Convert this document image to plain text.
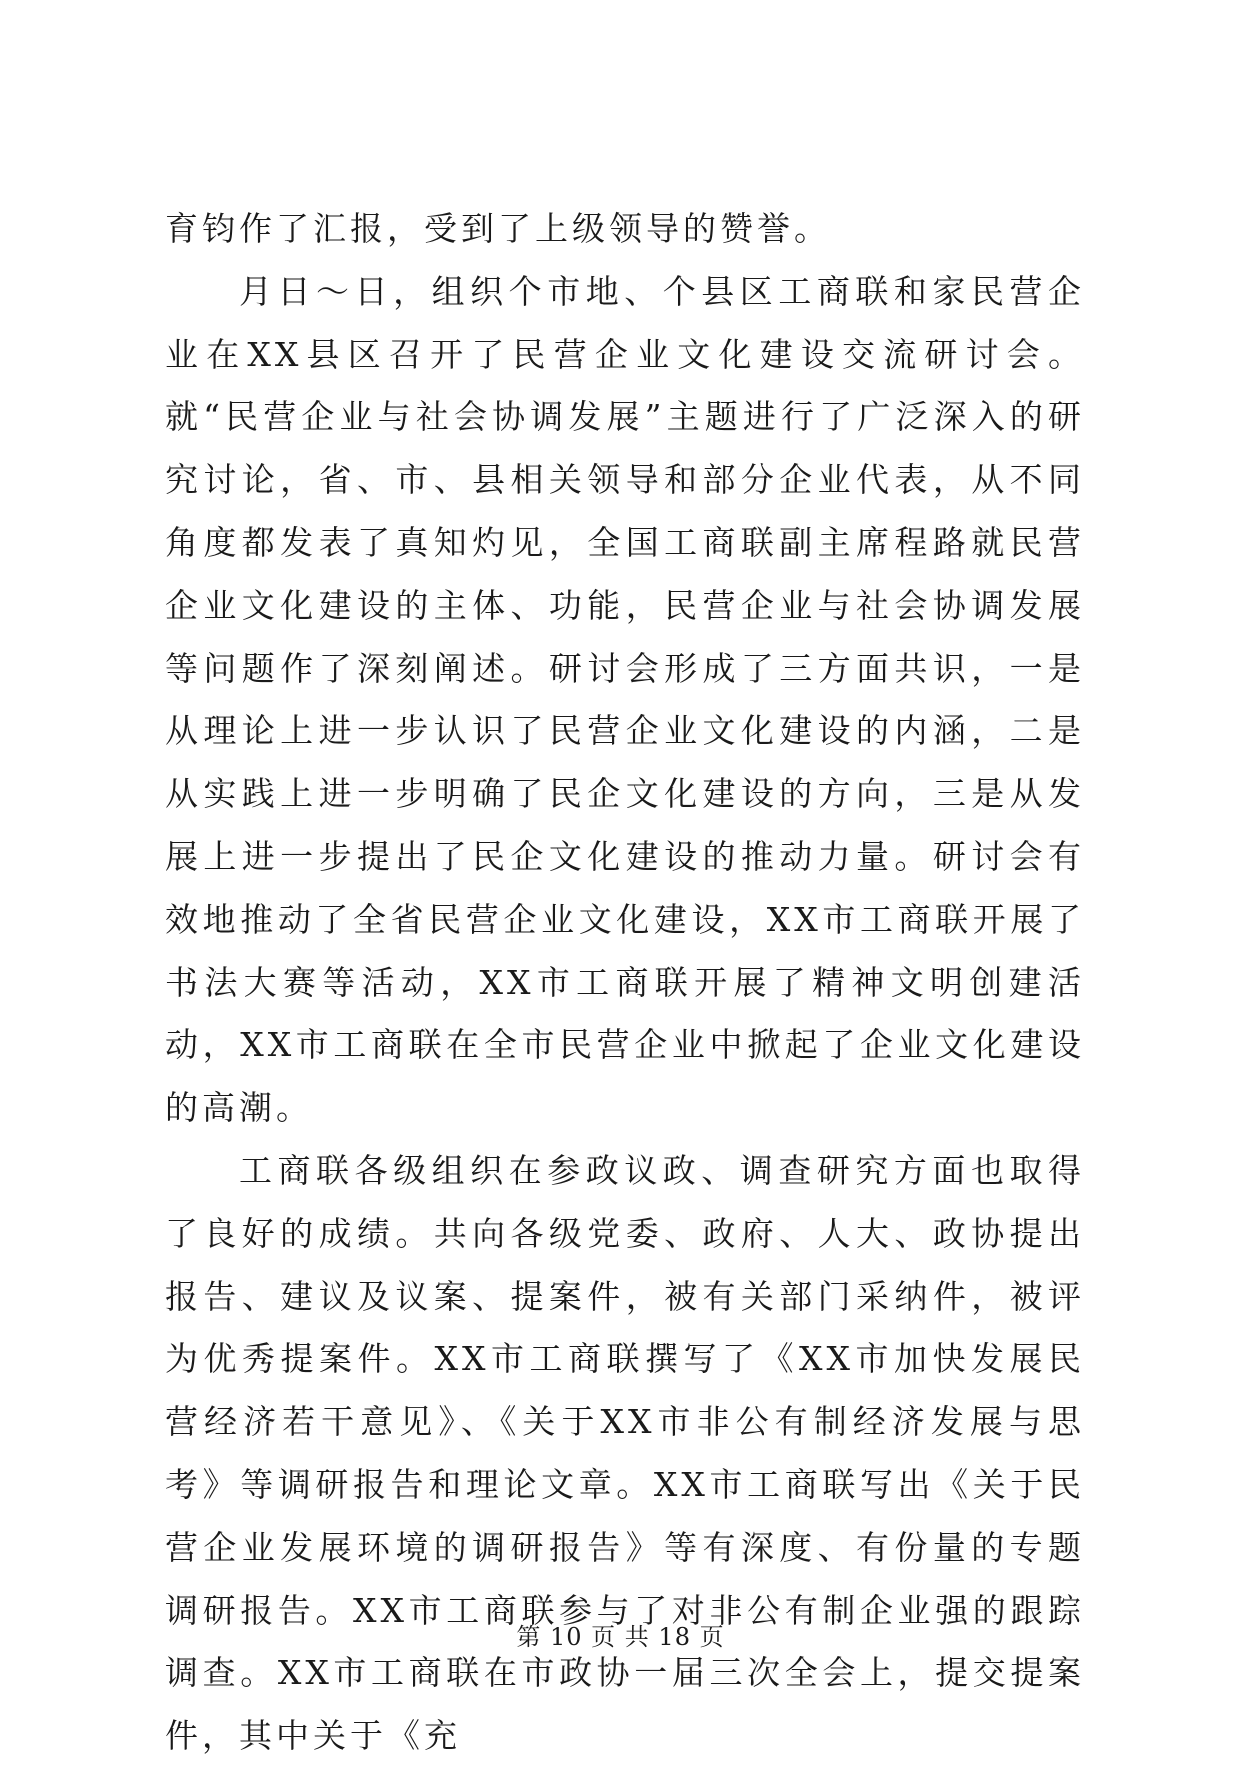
育钧作了汇报，受到了上级领导的赞誉。

月日～日，组织个市地、个县区工商联和家民营企业在XX县区召开了民营企业文化建设交流研讨会。就“民营企业与社会协调发展”主题进行了广泛深入的研究讨论，省、市、县相关领导和部分企业代表，从不同角度都发表了真知灼见，全国工商联副主席程路就民营企业文化建设的主体、功能，民营企业与社会协调发展等问题作了深刻阐述。研讨会形成了三方面共识，一是从理论上进一步认识了民营企业文化建设的内涵，二是从实践上进一步明确了民企文化建设的方向，三是从发展上进一步提出了民企文化建设的推动力量。研讨会有效地推动了全省民营企业文化建设，XX市工商联开展了书法大赛等活动，XX市工商联开展了精神文明创建活动，XX市工商联在全市民营企业中掀起了企业文化建设的高潮。

工商联各级组织在参政议政、调查研究方面也取得了良好的成绩。共向各级党委、政府、人大、政协提出报告、建议及议案、提案件，被有关部门采纳件，被评为优秀提案件。XX市工商联撰写了《XX市加快发展民营经济若干意见》、《关于XX市非公有制经济发展与思考》等调研报告和理论文章。XX市工商联写出《关于民营企业发展环境的调研报告》等有深度、有份量的专题调研报告。XX市工商联参与了对非公有制企业强的跟踪调查。XX市工商联在市政协一届三次全会上，提交提案件，其中关于《充

第 10 页 共 18 页
